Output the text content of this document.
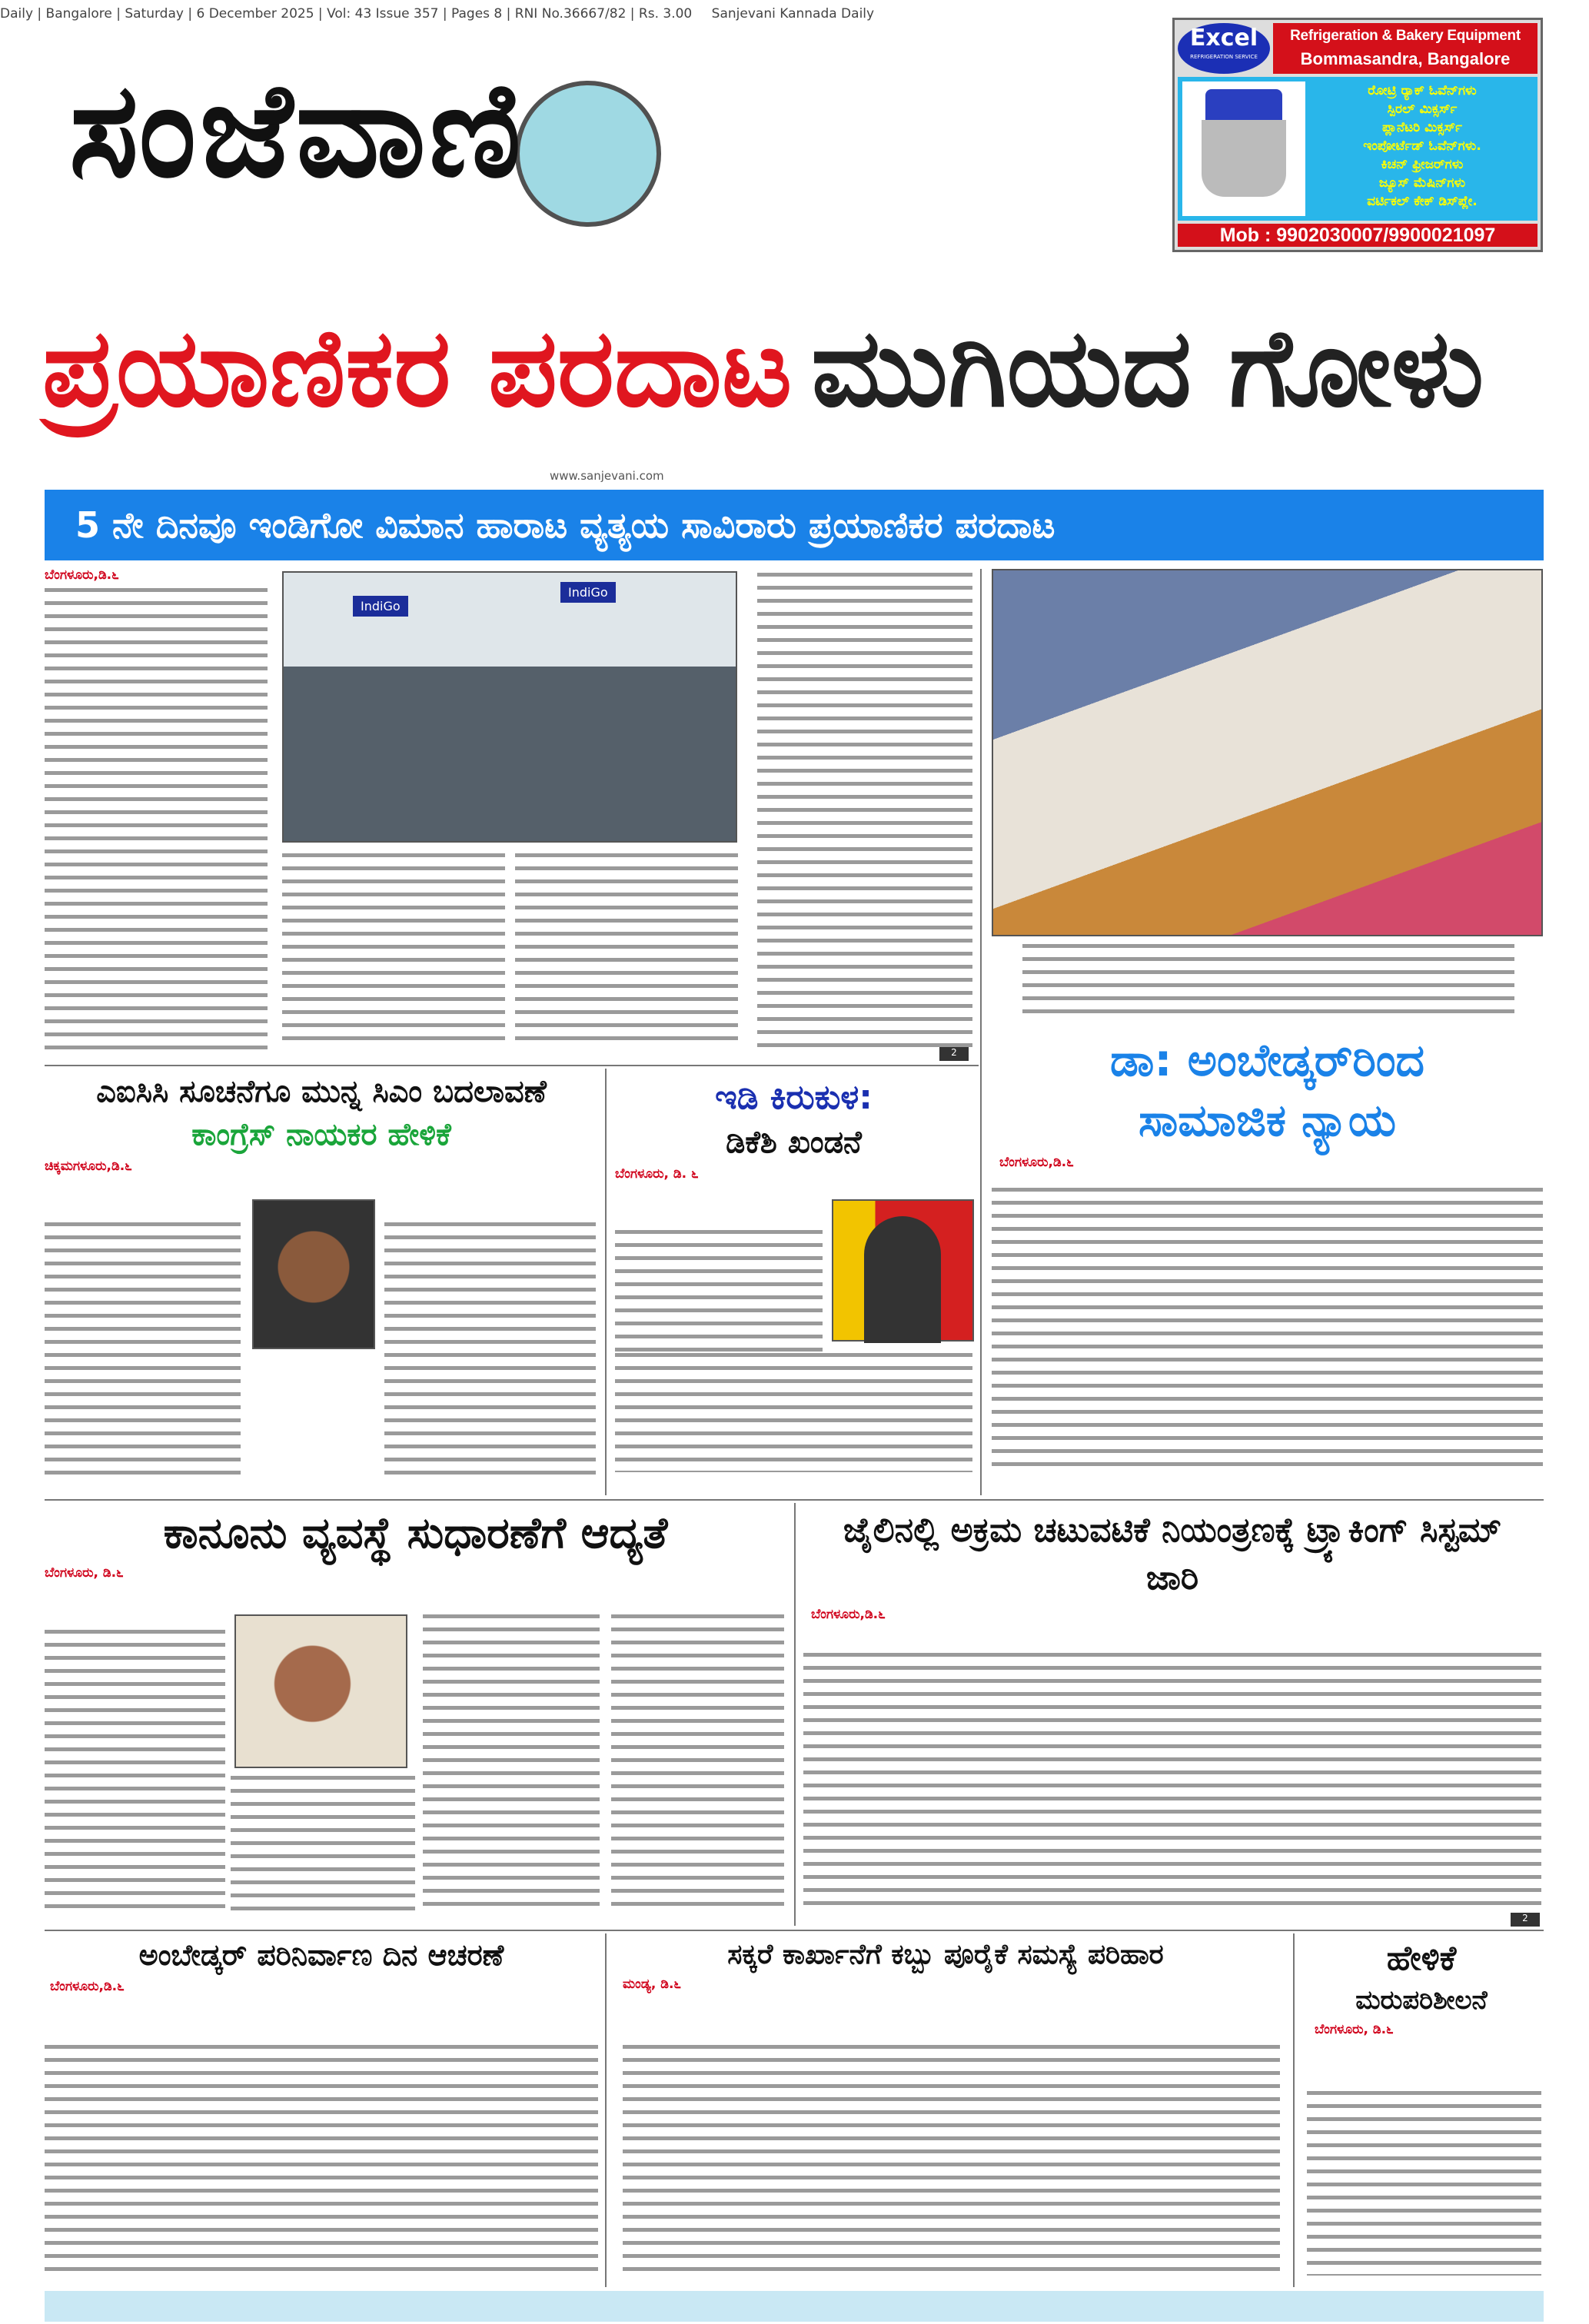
Daily | Bangalore | Saturday | 6 December 2025 | Vol: 43 Issue 357 | Pages 8 | RNI No.36667/82 | Rs. 3.00 Sanjevani Kannada Daily
ಸಂಜೆವಾಣಿ
www.sanjevani.com
Excel
REFRIGERATION SERVICE
Refrigeration & Bakery Equipment
Bommasandra, Bangalore
ರೋಟ್ರಿ ರ್‍ಯಾಕ್ ಓವೆನ್‌ಗಳು
ಸ್ಪಿರಲ್ ಮಿಕ್ಸರ್ಸ್
ಪ್ಲಾನೆಟರಿ ಮಿಕ್ಸರ್ಸ್
ಇಂಪೋರ್ಟೆಡ್ ಓವೆನ್‌ಗಳು.
ಕಿಚನ್ ಫ್ರೀಜರ್‌ಗಳು
ಜ್ಯೂಸ್ ಮೆಷಿನ್‌ಗಳು
ವರ್ಟಿಕಲ್ ಕೇಕ್ ಡಿಸ್‌ಪ್ಲೇ.
Mob : 9902030007/9900021097
ಪ್ರಯಾಣಿಕರ ಪರದಾಟ ಮುಗಿಯದ ಗೋಳು
5 ನೇ ದಿನವೂ ಇಂಡಿಗೋ ವಿಮಾನ ಹಾರಾಟ ವ್ಯತ್ಯಯ ಸಾವಿರಾರು ಪ್ರಯಾಣಿಕರ ಪರದಾಟ
ಬೆಂಗಳೂರು,ಡಿ.೬
IndiGo
IndiGo
2	ಡಾ: ಅಂಬೇಡ್ಕರ್‌ರಿಂದ ಸಾಮಾಜಿಕ ನ್ಯಾಯ
ಬೆಂಗಳೂರು,ಡಿ.೬
ಎಐಸಿಸಿ ಸೂಚನೆಗೂ ಮುನ್ನ ಸಿಎಂ ಬದಲಾವಣೆ
ಕಾಂಗ್ರೆಸ್ ನಾಯಕರ ಹೇಳಿಕೆ
ಚಿಕ್ಕಮಗಳೂರು,ಡಿ.೬
ಇಡಿ ಕಿರುಕುಳ:
ಡಿಕೆಶಿ ಖಂಡನೆ
ಬೆಂಗಳೂರು, ಡಿ. ೬
ಕಾನೂನು ವ್ಯವಸ್ಥೆ ಸುಧಾರಣೆಗೆ ಆದ್ಯತೆ
ಬೆಂಗಳೂರು, ಡಿ.೬
ಜೈಲಿನಲ್ಲಿ ಅಕ್ರಮ ಚಟುವಟಿಕೆ ನಿಯಂತ್ರಣಕ್ಕೆ ಟ್ರ್ಯಾಕಿಂಗ್ ಸಿಸ್ಟಮ್ ಜಾರಿ
ಬೆಂಗಳೂರು,ಡಿ.೬
2
ಅಂಬೇಡ್ಕರ್ ಪರಿನಿರ್ವಾಣ ದಿನ ಆಚರಣೆ
ಬೆಂಗಳೂರು,ಡಿ.೬
ಸಕ್ಕರೆ ಕಾರ್ಖಾನೆಗೆ ಕಬ್ಬು ಪೂರೈಕೆ ಸಮಸ್ಯೆ ಪರಿಹಾರ
ಮಂಡ್ಯ, ಡಿ.೬
ಹೇಳಿಕೆ
ಮರುಪರಿಶೀಲನೆ
ಬೆಂಗಳೂರು, ಡಿ.೬
